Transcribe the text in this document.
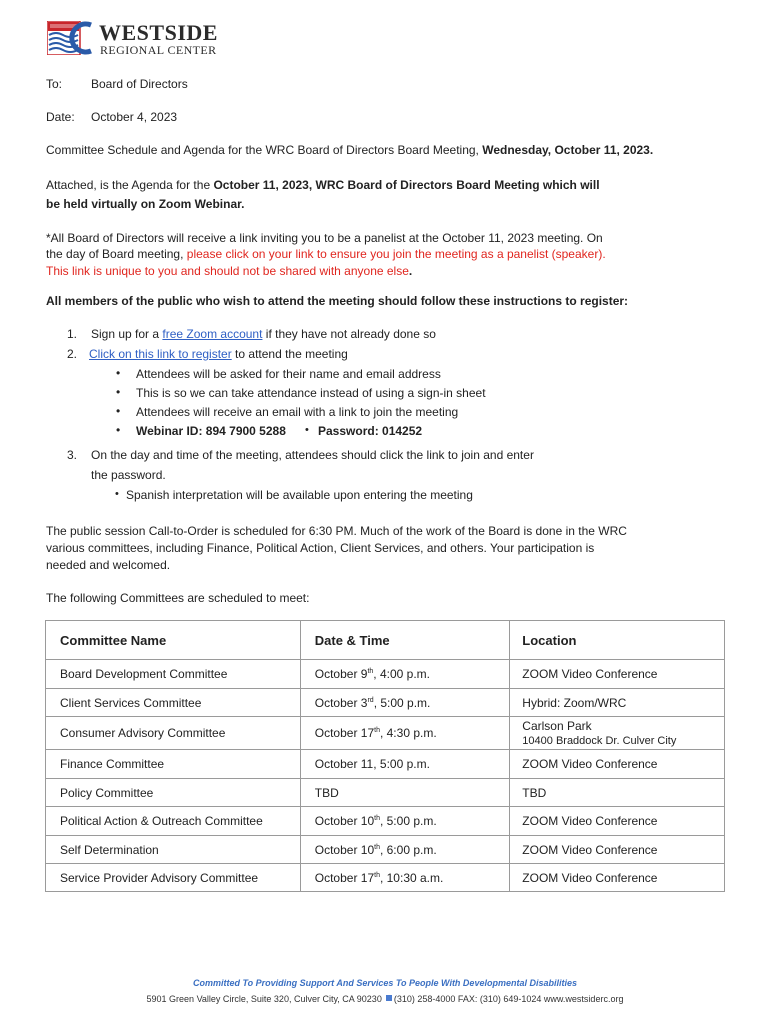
WESTSIDE
REGIONAL CENTER
To: Board of Directors
Date: October 4, 2023
Committee Schedule and Agenda for the WRC Board of Directors Board Meeting, Wednesday, October 11, 2023.
Attached, is the Agenda for the October 11, 2023, WRC Board of Directors Board Meeting which will
be held virtually on Zoom Webinar.
*All Board of Directors will receive a link inviting you to be a panelist at the October 11, 2023 meeting. On
the day of Board meeting, please click on your link to ensure you join the meeting as a panelist (speaker).
This link is unique to you and should not be shared with anyone else.
All members of the public who wish to attend the meeting should follow these instructions to register:
1. Sign up for a free Zoom account if they have not already done so
2. Click on this link to register to attend the meeting
• Attendees will be asked for their name and email address
• This is so we can take attendance instead of using a sign-in sheet
• Attendees will receive an email with a link to join the meeting
• Webinar ID: 894 7900 5288 • Password: 014252
3. On the day and time of the meeting, attendees should click the link to join and enter
the password.
• Spanish interpretation will be available upon entering the meeting
The public session Call-to-Order is scheduled for 6:30 PM. Much of the work of the Board is done in the WRC
various committees, including Finance, Political Action, Client Services, and others. Your participation is
needed and welcomed.
The following Committees are scheduled to meet:
Committee Name	Date & Time	Location
Board Development Committee	October 9th, 4:00 p.m.	ZOOM Video Conference
Client Services Committee	October 3rd, 5:00 p.m.	Hybrid: Zoom/WRC
Consumer Advisory Committee	October 17th, 4:30 p.m.	Carlson Park
10400 Braddock Dr. Culver City

Finance Committee	October 11, 5:00 p.m.	ZOOM Video Conference
Policy Committee	TBD	TBD
Political Action & Outreach Committee	October 10th, 5:00 p.m.	ZOOM Video Conference
Self Determination	October 10th, 6:00 p.m.	ZOOM Video Conference
Service Provider Advisory Committee	October 17th, 10:30 a.m.	ZOOM Video Conference
Committed To Providing Support And Services To People With Developmental Disabilities
5901 Green Valley Circle, Suite 320, Culver City, CA 90230 (310) 258-4000 FAX: (310) 649-1024 www.westsiderc.org
